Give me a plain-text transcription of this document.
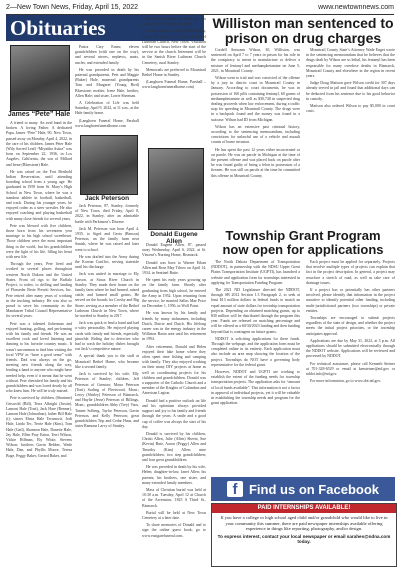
2—New Town News, Friday, April 15, 2022	www.newtownnews.com
Obituaries
James “Pete” Hale

A friend to many. An avid hand in the broken. A loving Father. A dedicated Papa. James “Pete” Hale, 90, New Town, passed away on Monday, April 4, 2022, in the care of his children. James Peter Hale (Wily Sacred Leaf) “Miyatiha Astira” was born on September 22, 1936, in Los Angeles, California, the son of Millard and Irene (Bluestone) Hale.

He was raised on the Fort Berthold Indian Reservation, until attending boarding school from a young age. He graduated in 1959 from St. Mary’s High School in New Town, where he was a standout athlete in football, basketball, and track. During his younger years, he enjoyed rodeo as a steer wrestler. He also enjoyed coaching and playing basketball with many close friends for several years.

Pete was blessed with five children, those born from his seventeen year marriage to his high school sweetheart. Those children were the most important thing in the world, but his grandchildren were the light of his life, filling his heart with new life.

Through the years, Pete lived and worked in several places throughout western North Dakota and the United States. From oil rigs to the Buffalo Project, to rodeo, to drilling and landing of Flasseder Berie Prewitt Services, Inc. Pete retired after many years of working in the trucking industry. He was also so proud to serve his community as the Mandaaree Tribal Council Representative for several years.

Pete was a talented fisherman and enjoyed hunting, golfing, and performing with his family and friends. He was an excellent cook and loved listening and dancing to his favorite country music. It wasn’t uncommon to find him visiting the local VFW as “have a good sense” with friends. Dad was always on the go, meeting new friends along the way, lending a hand to anyone who might have needed help, even if it meant that he went without. Pete cherished his family and his grandchildren and was loved dearly by all who knew him. He will be truly missed.

Pete is survived by children, (Sharinne) Griswold (Bill), Terra Albright (Justin), Lamont Hale (Toni), Jack Hare (Renner), Lamont Hale (Johnathan), father Bill Hale (t); sisters Ehsia Hale Tecumwit, Jodi Hale, Linda Tec, Terrie Hale (Kim), Tom Hale (Gail), Shannon Hale, Danette Hale, Jay Hale, Ellen Pray Eaton, Terri Wilson, Vickie Hillman, Ely White, Stevens Wilson; brothers Gavin Bebber, Wade Hale, Dan, and Phyllis Moore, Teresa Boge, Peggy Baker, Gerard Baker, and

Pastor Cary Emeu; eleven grandchildren (with one on the way); and several nieces, nephews, aunts, uncles, and extended family.

He was preceded in death by his paternal grandparents, Pete and Maggie (Baker) Hale, maternal grandparents Tom and Margaret (Young Bird) Bluestone; mother, Irene Hale, brother, Allen Hale; and sister, Lorrie Sherman.

A Celebration of Life was held Saturday, April 9, 2022, at 11 a.m., at the Hale family home.

(Langhoen Funeral Home, Parshall www.langhoenfuneralhome.com

Jack Peterson

Jack Peterson, 87, Stanley, formerly of New Town, died Friday, April 8, 2022, in Stanley, after an admirable battle with Parkinson’s Disease.

Jack M. Peterson was born April 4, 1935, to Sigrd and Gerta (Benson) Peterson, on the family farm near Sanish, where he was raised and later went to school.

He was drafted into the Army during the Korean Conflict, serving stateside until his discharge.

Jack was united in marriage to Ely Larson, at Sioux River Church in Stanley. They made their home on the family farm where he had farmed, raised cattle, and farmed small grains. He served on the boards for Crosby and Big Stone, serving as a member of the Bethel Lutheran Church in New Town, where he traveled to Stanley in 2017.

Jack was quick to lend a hand and had a witty personality. He enjoyed playing cards with family and friends, especially pinochle. Riding due to detective who had to wash the holiday dishes brought out Jack’s competitive nature.

A special thank you to the staff at Mountrail Bethel Home, who became like a second family.

Jack is survived by his wife, Elly Peterson of Stanley; children, Jeff Peterson of Grenora; Mona Peterson (Toni) Sorling of Fleetwood, Mont.; Leroy (Shirley) Peterson of Bismarck, and Haylie (Jesse) Peterson of Billings, Mont.; grandchildren Abby (Trey) Vaos, Tanner Solberg, Taylor Peterson, Gavin Peterson, and Kelly Peterson; great grandchildren Trip and Cedar Haus, and sister Ramona Larvy of Stanley.

He was preceded in death by his parents and his brother, Eugene.

Funeral services will be held Monday, April 18, 2022, at 2 p.m. at Bethel Lutheran Church, New Town. Visitation will be two hours before the start of the service at the church. Interment will be in the Sanish River Lutheran Church Cemetery, rural Stanley.

Memorials are preferred to Mountrail Bethel Home in Stanley.

(Langhoen Funeral Home, Parshall – www.langhoenfuneralhome.com)

Donald Eugene Allen

Donald Eugene Allen, 87, passed away Wednesday, April 6, 2022, at St. Vincent’s Nursing Home, Bismarck.

Donald was born to Warner Ethan Allen and Rose May Tilrow on April 14, 1934, in Sentinel Butte.

He spent his early years growing up on the family farm. Shortly after graduating from high school, he entered the Army in 1952. Upon returning from the service, he married Sallas Mae Price on December 1, 1956, in Wolf Point.

He was known by his family and friends by many nicknames, including Dutch, Dutcie and Dutch. His lifelong career was in the energy industry in the Williston Basin area until his retirement in 1994.

After retirement, Donald and Helen enjoyed their lake home where they often spent time fishing and camping with family. They also enjoyed working on their many DIY projects at home as well as coordinating projects for his children and grandchildren. Donald was a supporter of the Catholic Church and a member of the Knights of Columbus and American Legion.

Donald had a positive outlook on life and his optimism always provided support and joy to his family and friends through the years. A smile and a good cup of coffee was always the start of his day.

Donald is survived by his children, Christi Allen, Julie (Allen) Sheets; Sue (Kevin) Bute, Aaron (Peggy) Allen and Timothy (Kim) Allen; nine grandchildren; two step grandchildren; and four great grandchildren.

He was preceded in death by his wife, Helen; daughter-in-law, Janet Allen; his parents; his brothers, one sister, and many extended family members.

Mass of Christian burial was held at 10:30 a.m. Tuesday, April 12 at Church of the Ascension, 1825 S Third St., Bismarck.

Burial will be held at New Town Cemetery at a later date.

To share memories of Donald and to sign the online guest book, go to www.eastgatefuneral.com.

Williston man sentenced to prison on drug charges

Cordell Antwann Wilson, 30, Williston, was sentenced on April 7 to 7 years in prison for his role in the conspiracy to intent to manufacture or deliver a mixture of fentanyl and methamphetamine on June 5, 2021, in Mountrail County.

Wilson went to trial and was convicted of the offense by a jury in district court in Mountrail County in January. According to court documents, he was in possession of 160 pills containing fentanyl, 60 grams of methamphetamine as well as $30,740 in suspected drug dealing proceeds when law enforcement, during a traffic stop for speeding in Mountrail County. The drugs were in a backpack found and the money was found in a suitcase. Wilson had ID from Michigan.

Wilson has an extensive past criminal history, according to the sentencing memorandum, including convictions for unlawful use of a vehicle and assault counts of home invasion.

He has spent the past 12 years either incarcerated or on parole. He was on parole in Michigan at the time of the present offense and was placed back on parole after he was found guilty of being a felon in possession of a firearm. He was still on parole at the time he committed this offense in Mountrail County.

Mountrail County State’s Attorney Wade Enget wrote in the sentencing memorandum that he believes that the drugs dealt by Wilson are so lethal, his fentanyl has been responsible for many overdose deaths in Bismarck, Mountrail County and elsewhere in the region in recent years.

Judge Doug Mattson gave Wilson credit for 307 days already served in jail and found that additional days can be deducted from his sentence due to his good behavior in custody.

Mattson also ordered Wilson to pay $5,000 in court costs.

Township Grant Program now open for applications

The North Dakota Department of Transportation (NDDOT), in partnership with the NDSU Upper Great Plains Transportation Institute (UGPTI), has launched a website and application form for townships interested in applying for Transportation Funding Program.

The 2021 ND Legislature directed the NDDOT, through SB 2012 Section 1.3 Paragraph 2, to seek at least $13 million dollars in federal funds to match an equal amount of state dollars for township transportation projects. Depending on obtained matching grants, up to $30 million will be distributed through the program this year. Funds are released on matching percentage and will be offered as a 60/30/2023 funding and then funding beyond that is contingent on future grants.

NDDOT is soliciting applications for these funds. Through the webpage, and the application form must be completed online in its entirety. Each application must also include an area map showing the location of the project. Townships do NOT have a governing body representative for the federal grant.

However, NDDOT and UGPTI are working to establish the extent of the funding needs for township transportation projects. The application asks for “amount of local funds available”. This information is not a factor in approval of individual projects, yet it will be valuable in establishing the township needs and program for the grant application.

Each project must be applied for separately. Projects that involve multiple types of projects can explain that fact in the project description. In general, a project may resurface a stretch of road, as well as take care of drainage issues.

If a project has or potentially has other partners involved, please identify that information in the project narrative to identify potential other funding, including multi-jurisdictional partners (two townships) or private entities.

Townships are encouraged to submit projects regardless of the state of design, and whether the project meets the initial project priorities, or the township anticipates approval.

Applications are due by May 31, 2022, at 5 p.m. All applications should be submitted electronically through the NDDOT website. Applications will be reviewed and processed by NDDOT.

For technical assistance, please call Kenneth Steiner at 701-328-6529 or email at kensteiner@nd.gov or nddot.info@nd.gov.

For more information, go to www.dot.nd.gov.

f Find us on Facebook
PAID INTERNSHIPS AVAILABLE!
If you have a college or high school aged child and/or grandchild who would like to live in your community this summer, there are paid newspaper internships available offering experience in things like reporting, photography, and/or design.
To express interest, contact your local newspaper or email sarahes@ndna.com today.
